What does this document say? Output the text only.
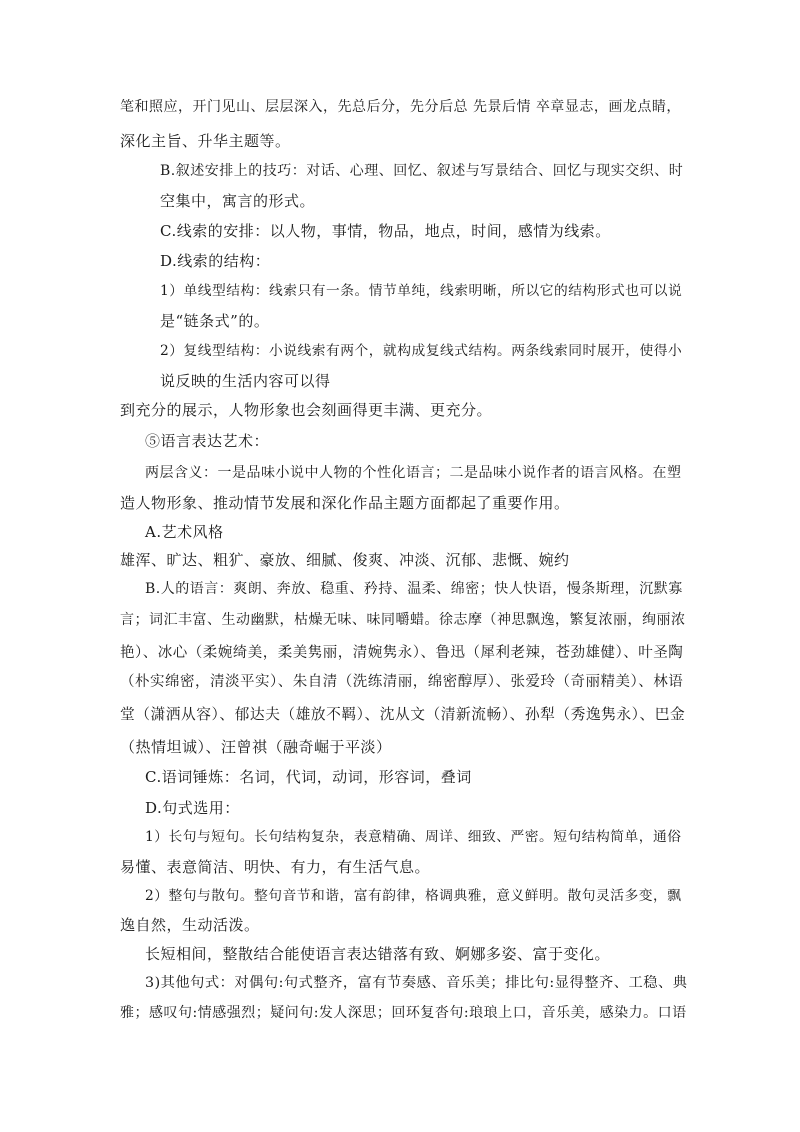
笔和照应，开门见山、层层深入，先总后分，先分后总 先景后情 卒章显志，画龙点睛，
深化主旨、升华主题等。
B.叙述安排上的技巧：对话、心理、回忆、叙述与写景结合、回忆与现实交织、时
空集中，寓言的形式。
C.线索的安排：以人物，事情，物品，地点，时间，感情为线索。
D.线索的结构：
1）单线型结构：线索只有一条。情节单纯，线索明晰，所以它的结构形式也可以说
是“链条式”的。
2）复线型结构：小说线索有两个，就构成复线式结构。两条线索同时展开，使得小
说反映的生活内容可以得
到充分的展示，人物形象也会刻画得更丰满、更充分。
⑤语言表达艺术：
两层含义：一是品味小说中人物的个性化语言；二是品味小说作者的语言风格。在塑
造人物形象、推动情节发展和深化作品主题方面都起了重要作用。
A.艺术风格
雄浑、旷达、粗犷、豪放、细腻、俊爽、冲淡、沉郁、悲慨、婉约
B.人的语言：爽朗、奔放、稳重、矜持、温柔、绵密；快人快语，慢条斯理，沉默寡
言；词汇丰富、生动幽默，枯燥无味、味同嚼蜡。徐志摩（神思飘逸，繁复浓丽，绚丽浓
艳）、冰心（柔婉绮美，柔美隽丽，清婉隽永）、鲁迅（犀利老辣，苍劲雄健）、叶圣陶
（朴实绵密，清淡平实）、朱自清（洗练清丽，绵密醇厚）、张爱玲（奇丽精美）、林语
堂（潇洒从容）、郁达夫（雄放不羁）、沈从文（清新流畅）、孙犁（秀逸隽永）、巴金
（热情坦诚）、汪曾祺（融奇崛于平淡）
C.语词锤炼：名词，代词，动词，形容词，叠词
D.句式选用：
1）长句与短句。长句结构复杂，表意精确、周详、细致、严密。短句结构简单，通俗
易懂、表意简洁、明快、有力，有生活气息。
2）整句与散句。整句音节和谐，富有韵律，格调典雅，意义鲜明。散句灵活多变，飘
逸自然，生动活泼。
长短相间，整散结合能使语言表达错落有致、婀娜多姿、富于变化。
3)其他句式：对偶句:句式整齐，富有节奏感、音乐美；排比句:显得整齐、工稳、典
雅；感叹句:情感强烈；疑问句:发人深思；回环复沓句:琅琅上口，音乐美，感染力。口语
